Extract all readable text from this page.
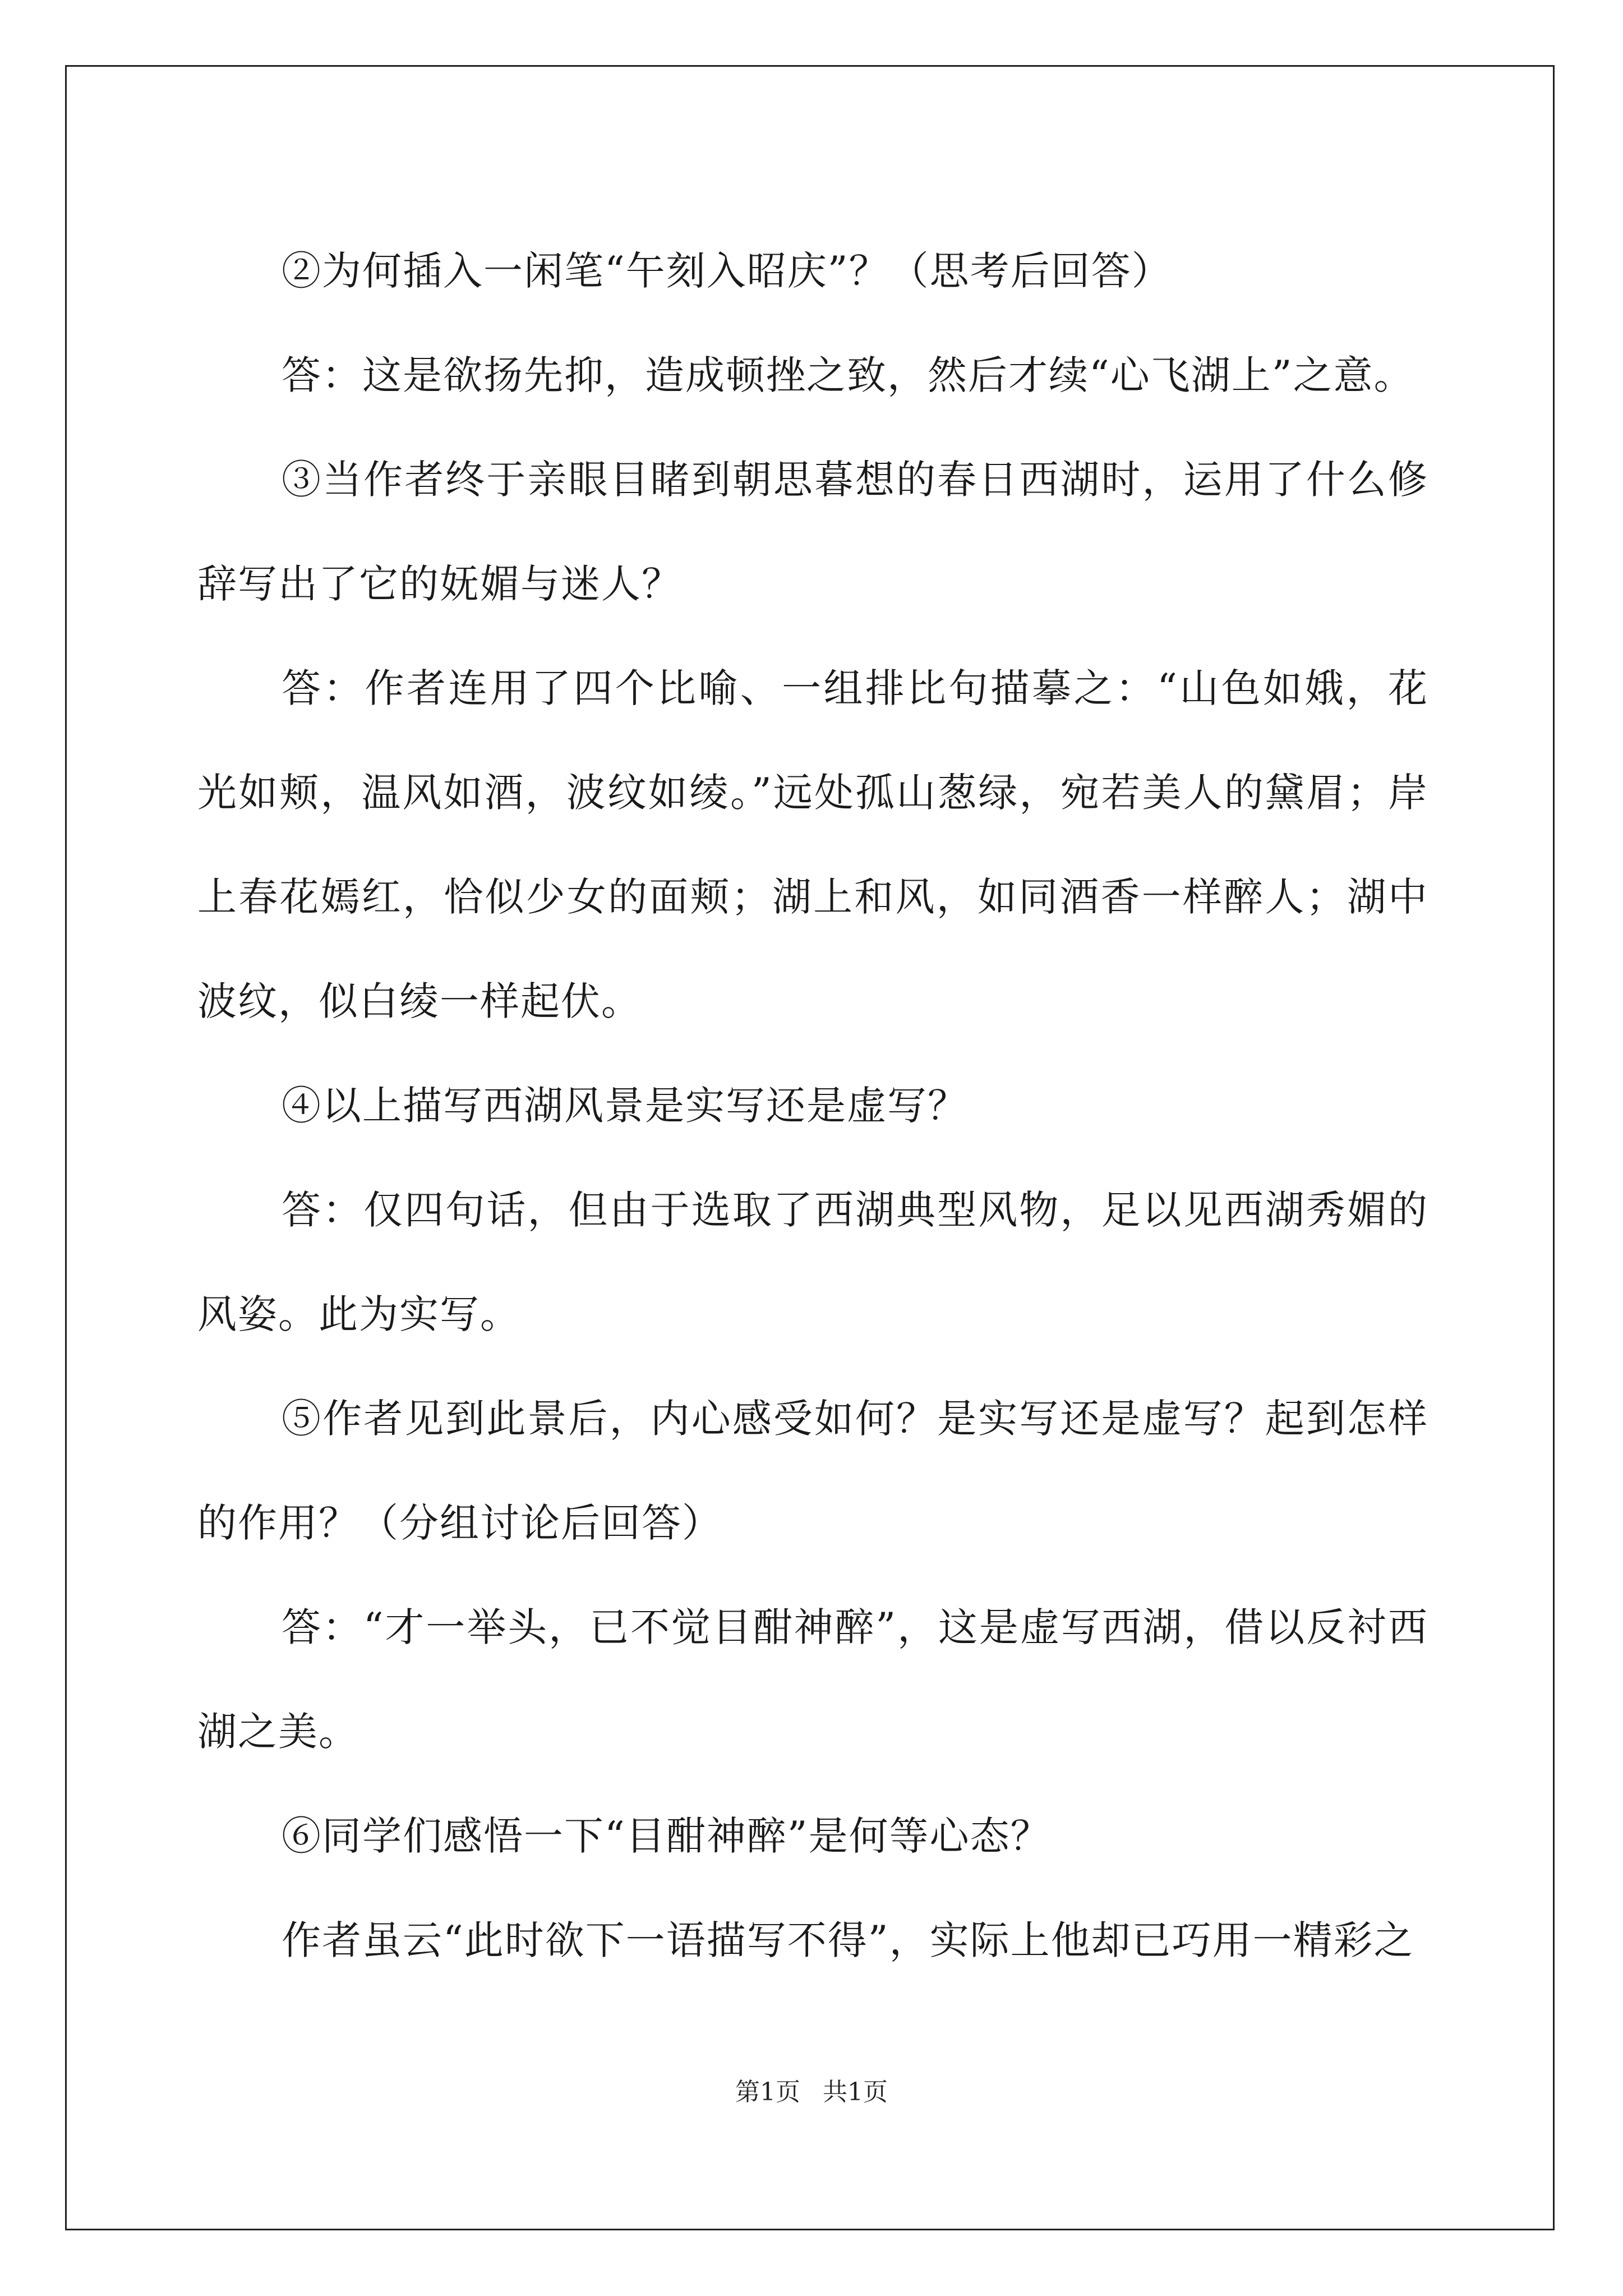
②为何插入一闲笔“午刻入昭庆”？（思考后回答）

答：这是欲扬先抑，造成顿挫之致，然后才续“心飞湖上”之意。

③当作者终于亲眼目睹到朝思暮想的春日西湖时，运用了什么修辞写出了它的妩媚与迷人？

答：作者连用了四个比喻、一组排比句描摹之：“山色如娥，花光如颊，温风如酒，波纹如绫。”远处孤山葱绿，宛若美人的黛眉；岸上春花嫣红，恰似少女的面颊；湖上和风，如同酒香一样醉人；湖中波纹，似白绫一样起伏。

④以上描写西湖风景是实写还是虚写？

答：仅四句话，但由于选取了西湖典型风物，足以见西湖秀媚的风姿。此为实写。

⑤作者见到此景后，内心感受如何？是实写还是虚写？起到怎样的作用？（分组讨论后回答）

答：“才一举头，已不觉目酣神醉”，这是虚写西湖，借以反衬西湖之美。

⑥同学们感悟一下“目酣神醉”是何等心态？

作者虽云“此时欲下一语描写不得”，实际上他却已巧用一精彩之

第1页 共1页
